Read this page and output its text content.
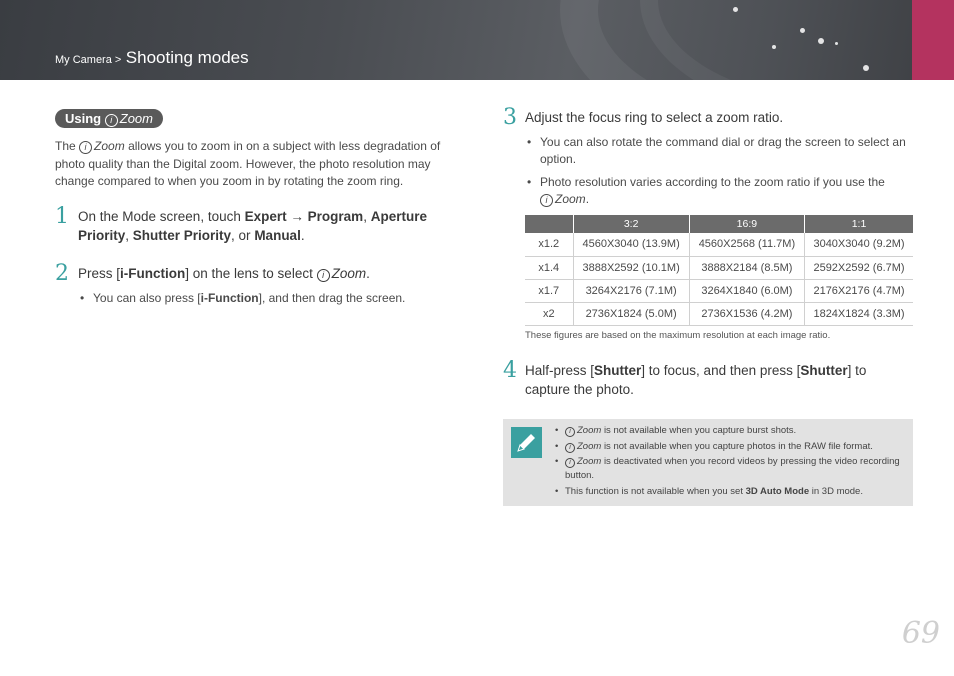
My Camera > Shooting modes
Using i Zoom
The i Zoom allows you to zoom in on a subject with less degradation of photo quality than the Digital zoom. However, the photo resolution may change compared to when you zoom in by rotating the zoom ring.
1 On the Mode screen, touch Expert → Program, Aperture Priority, Shutter Priority, or Manual.
2 Press [i-Function] on the lens to select i Zoom.
• You can also press [i-Function], and then drag the screen.
3 Adjust the focus ring to select a zoom ratio.
• You can also rotate the command dial or drag the screen to select an option.
• Photo resolution varies according to the zoom ratio if you use the
i Zoom.
	3:2	16:9	1:1
x1.2	4560X3040 (13.9M)	4560X2568 (11.7M)	3040X3040 (9.2M)
x1.4	3888X2592 (10.1M)	3888X2184 (8.5M)	2592X2592 (6.7M)
x1.7	3264X2176 (7.1M)	3264X1840 (6.0M)	2176X2176 (4.7M)
x2	2736X1824 (5.0M)	2736X1536 (4.2M)	1824X1824 (3.3M)
These figures are based on the maximum resolution at each image ratio.
4 Half-press [Shutter] to focus, and then press [Shutter] to capture the photo.
• i Zoom is not available when you capture burst shots.
• i Zoom is not available when you capture photos in the RAW file format.
• i Zoom is deactivated when you record videos by pressing the video recording button.
• This function is not available when you set 3D Auto Mode in 3D mode.
69
